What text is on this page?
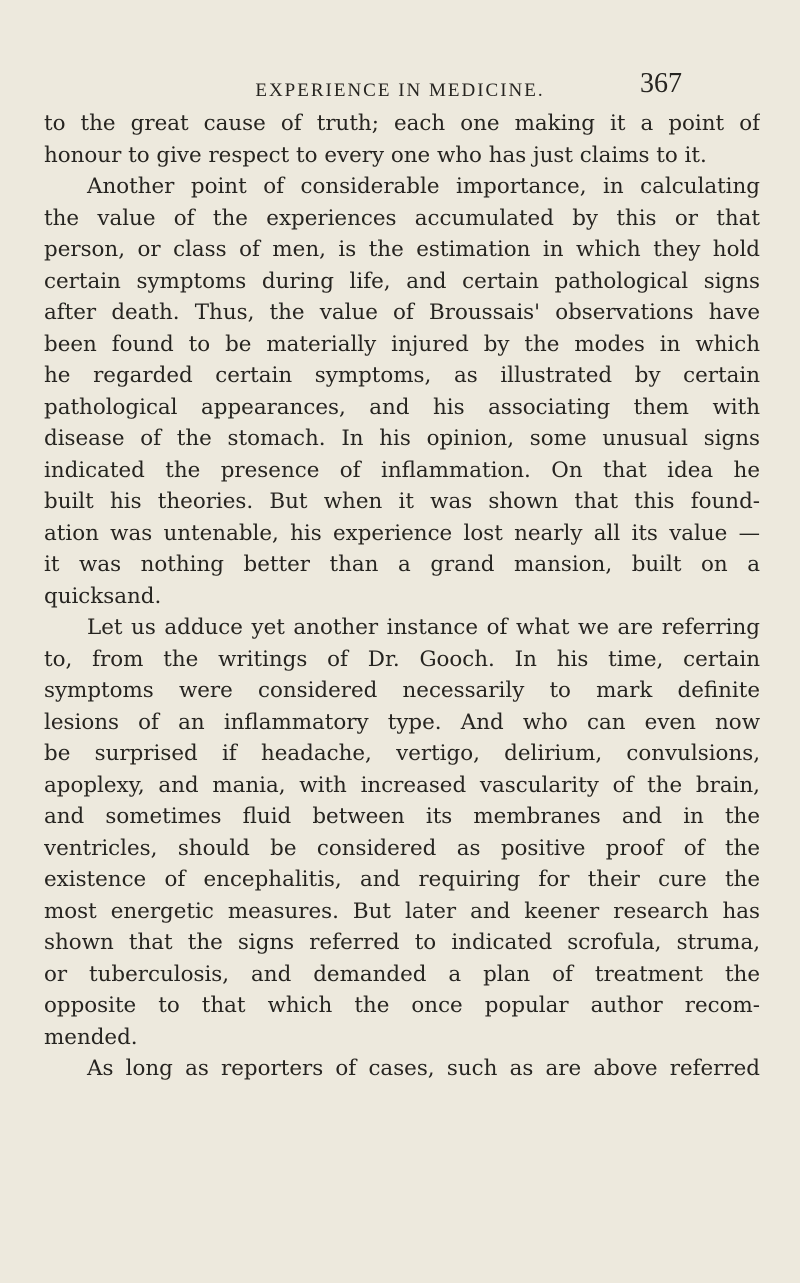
EXPERIENCE IN MEDICINE.	367

to the great cause of truth; each one making it a point of
honour to give respect to every one who has just claims to it.

Another point of considerable importance, in calculating
the value of the experiences accumulated by this or that
person, or class of men, is the estimation in which they hold
certain symptoms during life, and certain pathological signs
after death. Thus, the value of Broussais' observations have
been found to be materially injured by the modes in which
he regarded certain symptoms, as illustrated by certain
pathological appearances, and his associating them with
disease of the stomach. In his opinion, some unusual signs
indicated the presence of inflammation. On that idea he
built his theories. But when it was shown that this found-
ation was untenable, his experience lost nearly all its value —
it was nothing better than a grand mansion, built on a
quicksand.

Let us adduce yet another instance of what we are referring
to, from the writings of Dr. Gooch. In his time, certain
symptoms were considered necessarily to mark definite
lesions of an inflammatory type. And who can even now
be surprised if headache, vertigo, delirium, convulsions,
apoplexy, and mania, with increased vascularity of the brain,
and sometimes fluid between its membranes and in the
ventricles, should be considered as positive proof of the
existence of encephalitis, and requiring for their cure the
most energetic measures. But later and keener research has
shown that the signs referred to indicated scrofula, struma,
or tuberculosis, and demanded a plan of treatment the
opposite to that which the once popular author recom-
mended.

As long as reporters of cases, such as are above referred
